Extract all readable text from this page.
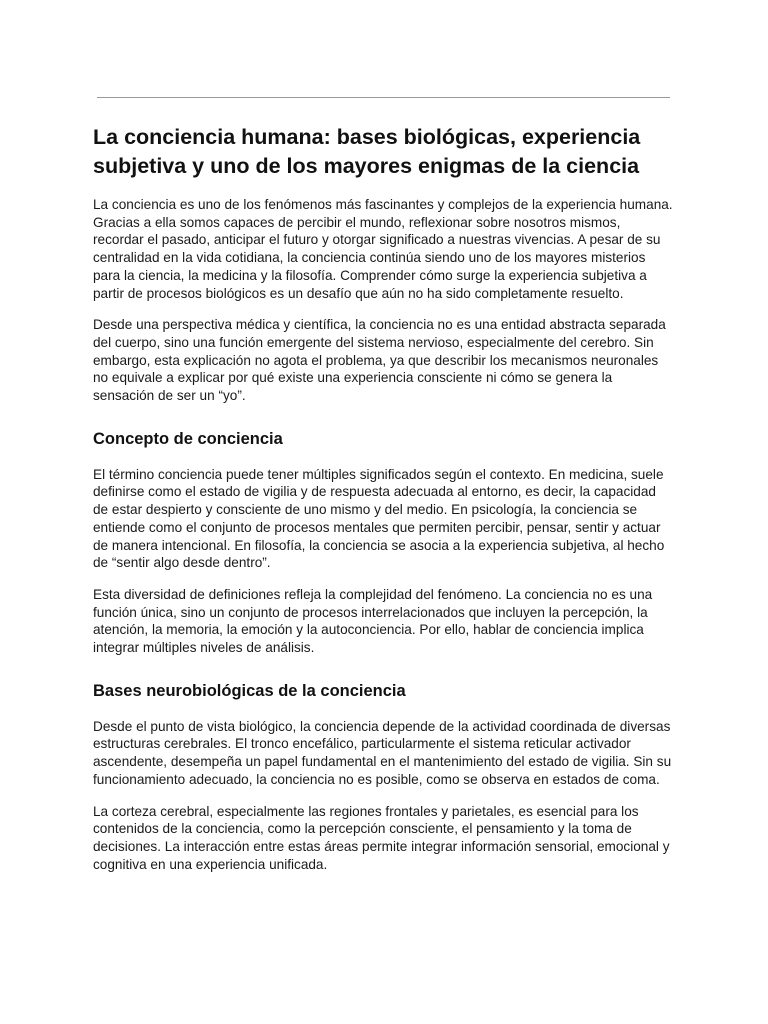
La conciencia humana: bases biológicas, experiencia subjetiva y uno de los mayores enigmas de la ciencia

La conciencia es uno de los fenómenos más fascinantes y complejos de la experiencia humana. Gracias a ella somos capaces de percibir el mundo, reflexionar sobre nosotros mismos, recordar el pasado, anticipar el futuro y otorgar significado a nuestras vivencias. A pesar de su centralidad en la vida cotidiana, la conciencia continúa siendo uno de los mayores misterios para la ciencia, la medicina y la filosofía. Comprender cómo surge la experiencia subjetiva a partir de procesos biológicos es un desafío que aún no ha sido completamente resuelto.

Desde una perspectiva médica y científica, la conciencia no es una entidad abstracta separada del cuerpo, sino una función emergente del sistema nervioso, especialmente del cerebro. Sin embargo, esta explicación no agota el problema, ya que describir los mecanismos neuronales no equivale a explicar por qué existe una experiencia consciente ni cómo se genera la sensación de ser un “yo”.

Concepto de conciencia

El término conciencia puede tener múltiples significados según el contexto. En medicina, suele definirse como el estado de vigilia y de respuesta adecuada al entorno, es decir, la capacidad de estar despierto y consciente de uno mismo y del medio. En psicología, la conciencia se entiende como el conjunto de procesos mentales que permiten percibir, pensar, sentir y actuar de manera intencional. En filosofía, la conciencia se asocia a la experiencia subjetiva, al hecho de “sentir algo desde dentro”.

Esta diversidad de definiciones refleja la complejidad del fenómeno. La conciencia no es una función única, sino un conjunto de procesos interrelacionados que incluyen la percepción, la atención, la memoria, la emoción y la autoconciencia. Por ello, hablar de conciencia implica integrar múltiples niveles de análisis.

Bases neurobiológicas de la conciencia

Desde el punto de vista biológico, la conciencia depende de la actividad coordinada de diversas estructuras cerebrales. El tronco encefálico, particularmente el sistema reticular activador ascendente, desempeña un papel fundamental en el mantenimiento del estado de vigilia. Sin su funcionamiento adecuado, la conciencia no es posible, como se observa en estados de coma.

La corteza cerebral, especialmente las regiones frontales y parietales, es esencial para los contenidos de la conciencia, como la percepción consciente, el pensamiento y la toma de decisiones. La interacción entre estas áreas permite integrar información sensorial, emocional y cognitiva en una experiencia unificada.
